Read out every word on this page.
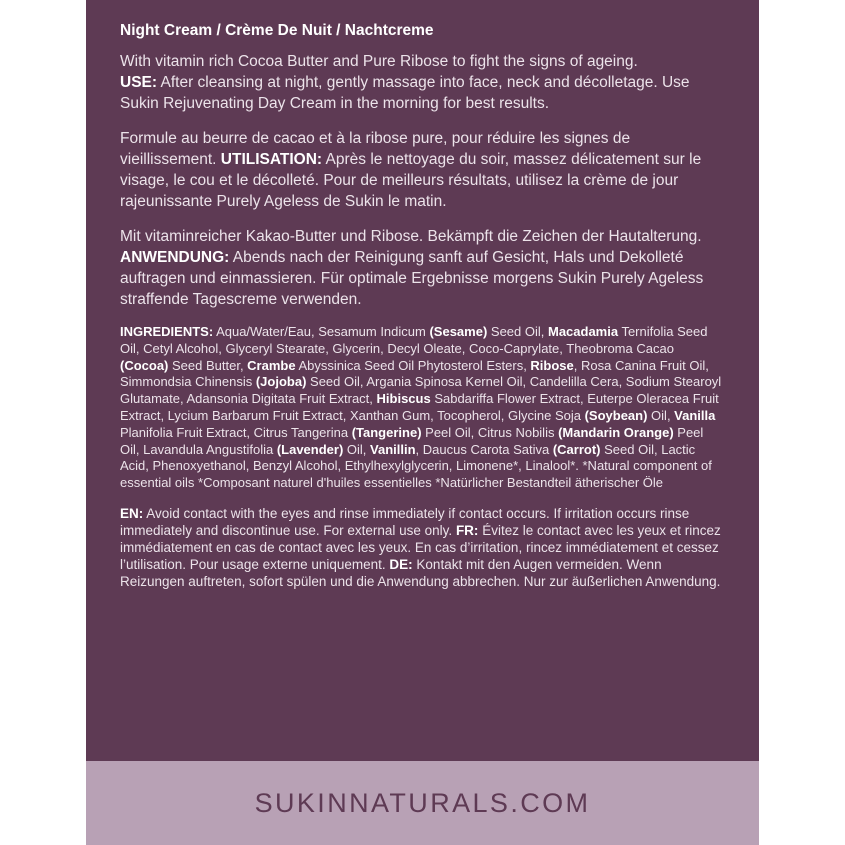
Night Cream / Crème De Nuit / Nachtcreme

With vitamin rich Cocoa Butter and Pure Ribose to fight the signs of ageing.
USE: After cleansing at night, gently massage into face, neck and décolletage. Use Sukin Rejuvenating Day Cream in the morning for best results.

Formule au beurre de cacao et à la ribose pure, pour réduire les signes de vieillissement. UTILISATION: Après le nettoyage du soir, massez délicatement sur le visage, le cou et le décolleté. Pour de meilleurs résultats, utilisez la crème de jour rajeunissante Purely Ageless de Sukin le matin.

Mit vitaminreicher Kakao-Butter und Ribose. Bekämpft die Zeichen der Hautalterung. ANWENDUNG: Abends nach der Reinigung sanft auf Gesicht, Hals und Dekolleté auftragen und einmassieren. Für optimale Ergebnisse morgens Sukin Purely Ageless straffende Tagescreme verwenden.

INGREDIENTS: Aqua/Water/Eau, Sesamum Indicum (Sesame) Seed Oil, Macadamia Ternifolia Seed Oil, Cetyl Alcohol, Glyceryl Stearate, Glycerin, Decyl Oleate, Coco-Caprylate, Theobroma Cacao (Cocoa) Seed Butter, Crambe Abyssinica Seed Oil Phytosterol Esters, Ribose, Rosa Canina Fruit Oil, Simmondsia Chinensis (Jojoba) Seed Oil, Argania Spinosa Kernel Oil, Candelilla Cera, Sodium Stearoyl Glutamate, Adansonia Digitata Fruit Extract, Hibiscus Sabdariffa Flower Extract, Euterpe Oleracea Fruit Extract, Lycium Barbarum Fruit Extract, Xanthan Gum, Tocopherol, Glycine Soja (Soybean) Oil, Vanilla Planifolia Fruit Extract, Citrus Tangerina (Tangerine) Peel Oil, Citrus Nobilis (Mandarin Orange) Peel Oil, Lavandula Angustifolia (Lavender) Oil, Vanillin, Daucus Carota Sativa (Carrot) Seed Oil, Lactic Acid, Phenoxyethanol, Benzyl Alcohol, Ethylhexylglycerin, Limonene*, Linalool*. *Natural component of essential oils *Composant naturel d'huiles essentielles *Natürlicher Bestandteil ätherischer Öle

EN: Avoid contact with the eyes and rinse immediately if contact occurs. If irritation occurs rinse immediately and discontinue use. For external use only. FR: Évitez le contact avec les yeux et rincez immédiatement en cas de contact avec les yeux. En cas d’irritation, rincez immédiatement et cessez l’utilisation. Pour usage externe uniquement. DE: Kontakt mit den Augen vermeiden. Wenn Reizungen auftreten, sofort spülen und die Anwendung abbrechen. Nur zur äußerlichen Anwendung.

SUKINNATURALS.COM
